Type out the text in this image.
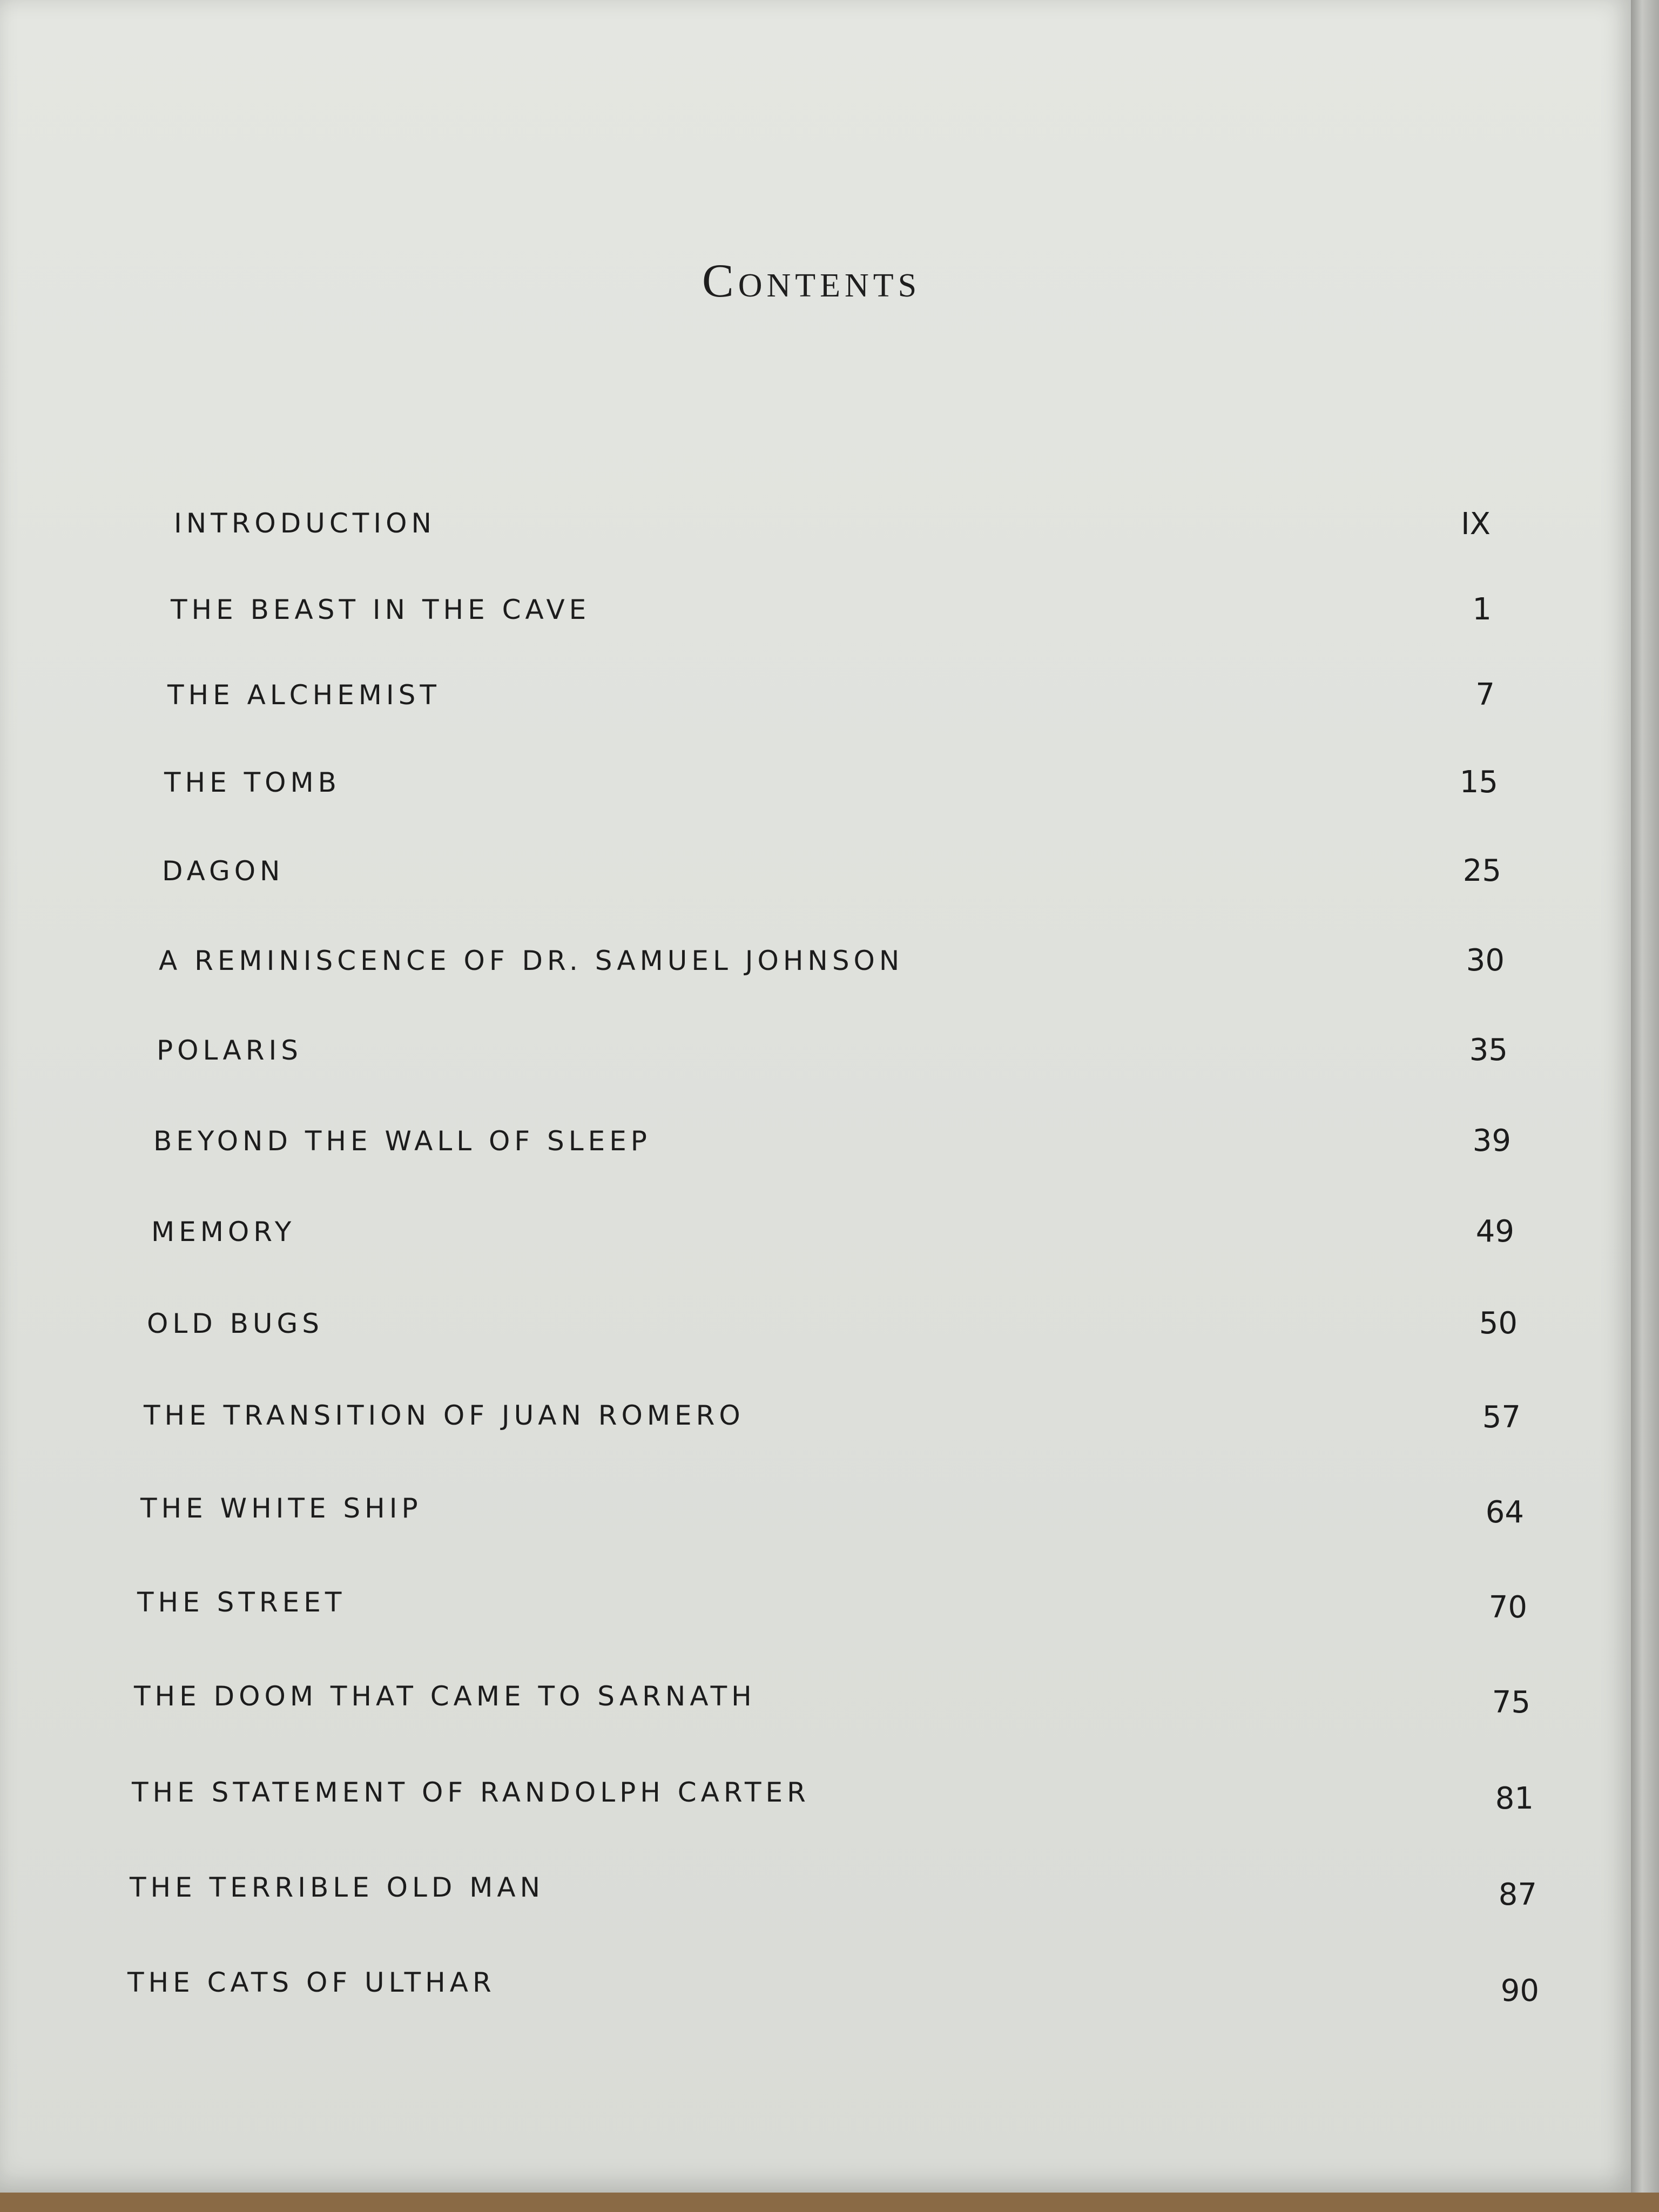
Contents
INTRODUCTION	IX
THE BEAST IN THE CAVE	1
THE ALCHEMIST	7
THE TOMB	15
DAGON	25
A REMINISCENCE OF DR. SAMUEL JOHNSON	30
POLARIS	35
BEYOND THE WALL OF SLEEP	39
MEMORY	49
OLD BUGS	50
THE TRANSITION OF JUAN ROMERO	57
THE WHITE SHIP	64
THE STREET	70
THE DOOM THAT CAME TO SARNATH	75
THE STATEMENT OF RANDOLPH CARTER	81
THE TERRIBLE OLD MAN	87
THE CATS OF ULTHAR	90
